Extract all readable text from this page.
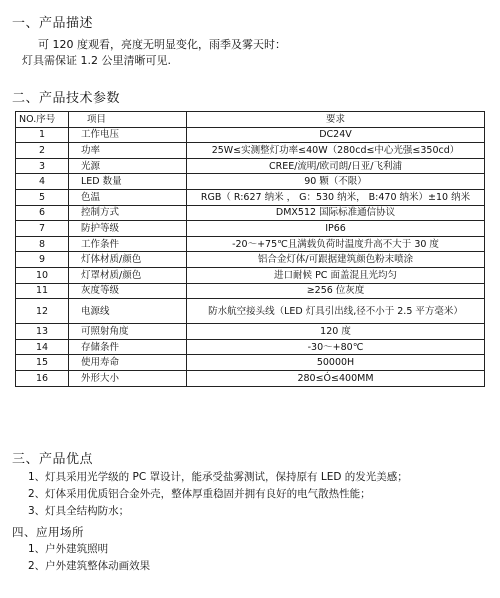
一、产品描述
可 120 度观看，亮度无明显变化，雨季及雾天时：
灯具需保证 1.2 公里清晰可见.
二、产品技术参数
NO.序号	项目	要求
1	工作电压	DC24V
2	功率	25W≤实测整灯功率≤40W（280cd≤中心光强≤350cd）
3	光源	CREE/流明/欧司朗/日亚/飞利浦
4	LED 数量	90 颗（不限）
5	色温	RGB（ R:627 纳米 ， G：530 纳米， B:470 纳米）±10 纳米
6	控制方式	DMX512 国际标准通信协议
7	防护等级	IP66
8	工作条件	-20～+75℃且满载负荷时温度升高不大于 30 度
9	灯体材质/颜色	铝合金灯体/可跟据建筑颜色粉末喷涂
10	灯罩材质/颜色	进口耐候 PC 面盖混且光均匀
11	灰度等级	≥256 位灰度
12	电源线	防水航空接头线（LED 灯具引出线,径不小于 2.5 平方毫米）
13	可照射角度	120 度
14	存储条件	-30～+80℃
15	使用寿命	50000H
16	外形大小	280≤Ó≤400MM
三、产品优点
1、灯具采用光学级的 PC 罩设计，能承受盐雾测试，保持原有 LED 的发光美感；
2、灯体采用优质铝合金外壳，整体厚重稳固并拥有良好的电气散热性能；
3、灯具全结构防水；
四、应用场所
1、户外建筑照明
2、户外建筑整体动画效果
